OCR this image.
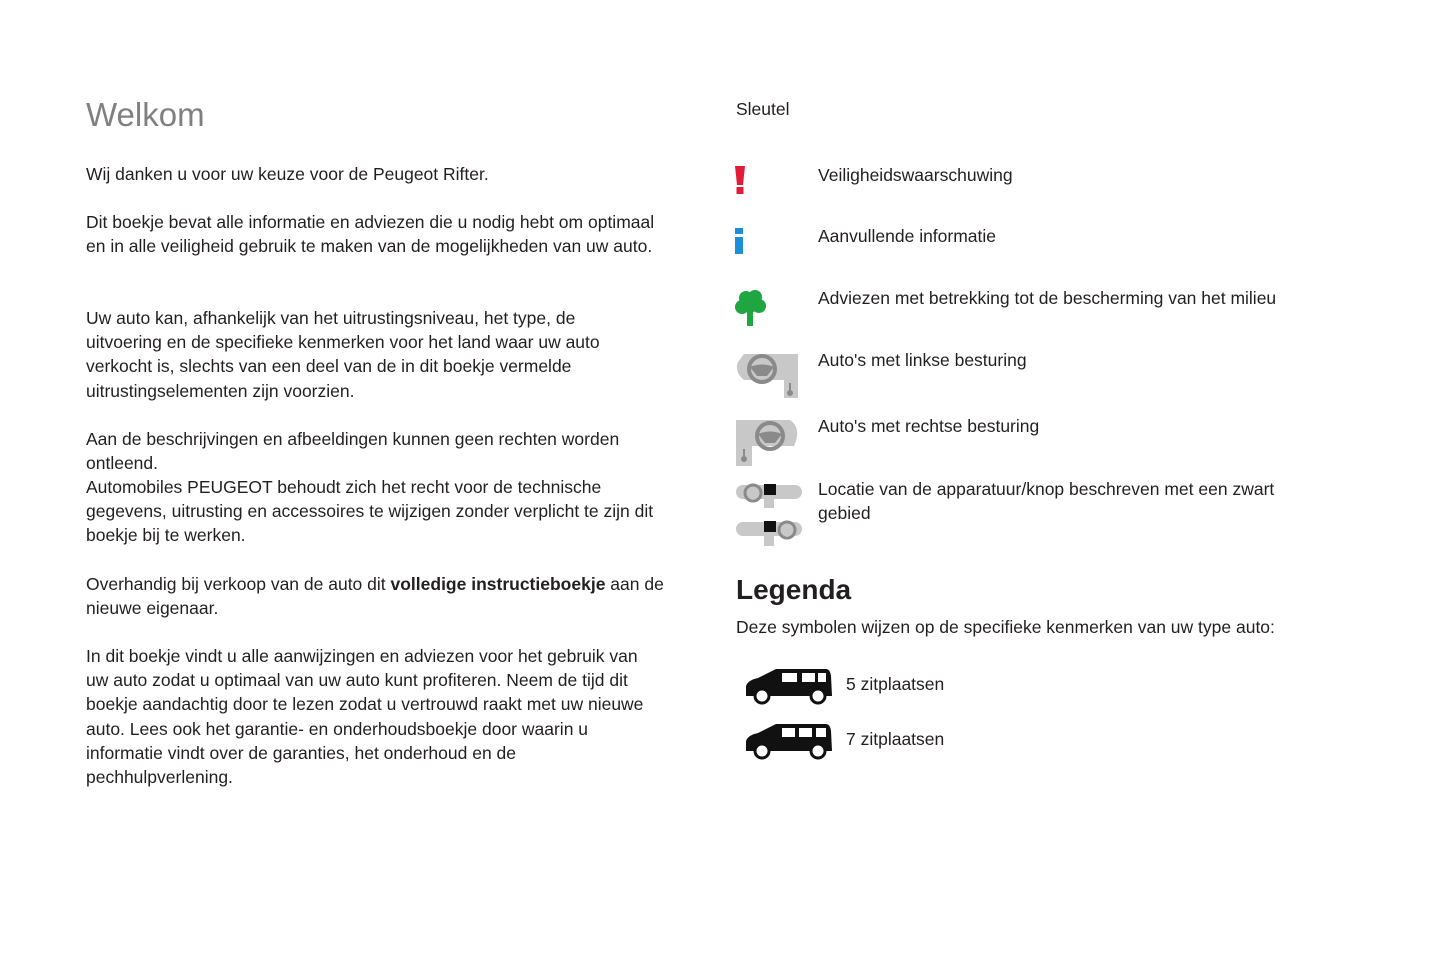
Welkom
Wij danken u voor uw keuze voor de Peugeot Rifter.
Dit boekje bevat alle informatie en adviezen die u nodig hebt om optimaal en in alle veiligheid gebruik te maken van de mogelijkheden van uw auto.
Uw auto kan, afhankelijk van het uitrustingsniveau, het type, de uitvoering en de specifieke kenmerken voor het land waar uw auto verkocht is, slechts van een deel van de in dit boekje vermelde uitrustingselementen zijn voorzien.
Aan de beschrijvingen en afbeeldingen kunnen geen rechten worden ontleend.
Automobiles PEUGEOT behoudt zich het recht voor de technische gegevens, uitrusting en accessoires te wijzigen zonder verplicht te zijn dit boekje bij te werken.
Overhandig bij verkoop van de auto dit volledige instructieboekje aan de nieuwe eigenaar.
In dit boekje vindt u alle aanwijzingen en adviezen voor het gebruik van uw auto zodat u optimaal van uw auto kunt profiteren. Neem de tijd dit boekje aandachtig door te lezen zodat u vertrouwd raakt met uw nieuwe auto. Lees ook het garantie- en onderhoudsboekje door waarin u informatie vindt over de garanties, het onderhoud en de pechhulpverlening.
Sleutel
Veiligheidswaarschuwing
Aanvullende informatie
Adviezen met betrekking tot de bescherming van het milieu
Auto's met linkse besturing
Auto's met rechtse besturing
Locatie van de apparatuur/knop beschreven met een zwart gebied
Legenda
Deze symbolen wijzen op de specifieke kenmerken van uw type auto:
5 zitplaatsen
7 zitplaatsen
